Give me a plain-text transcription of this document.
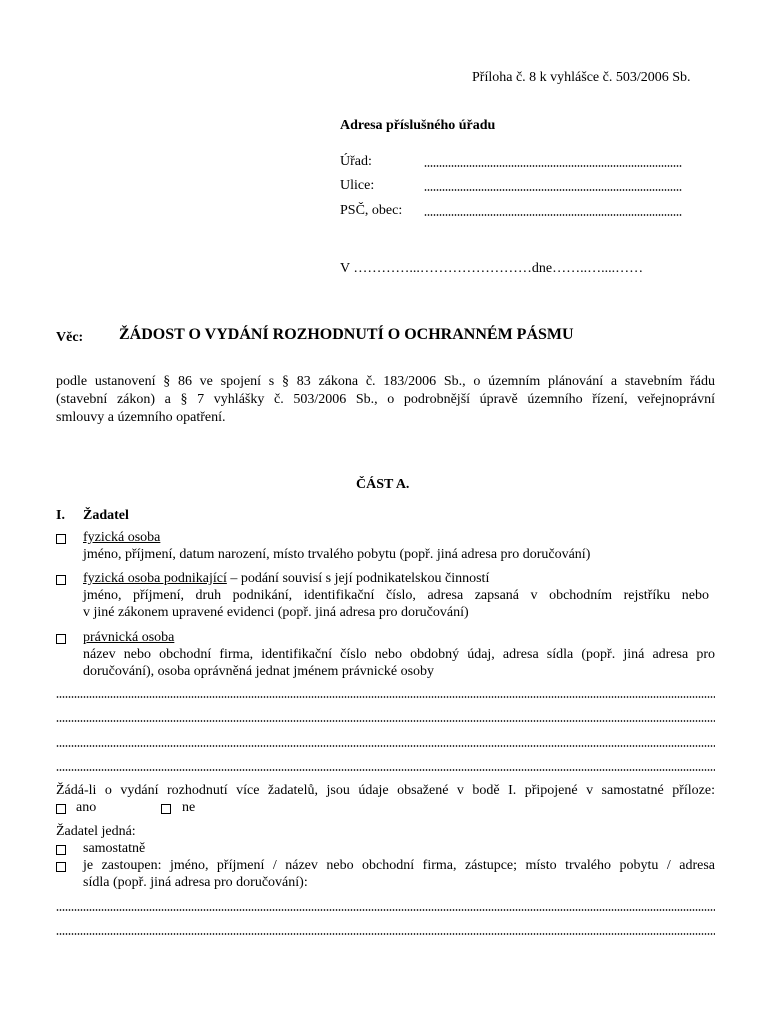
Příloha č. 8 k vyhlášce č. 503/2006 Sb.
Adresa příslušného úřadu
Úřad:
Ulice:
PSČ, obec:
V …………...……………………dne……..…....……
Věc: ŽÁDOST O VYDÁNÍ ROZHODNUTÍ O OCHRANNÉM PÁSMU
podle ustanovení § 86 ve spojení s § 83 zákona č. 183/2006 Sb., o územním plánování a stavebním řádu
(stavební zákon) a § 7 vyhlášky č. 503/2006 Sb., o podrobnější úpravě územního řízení, veřejnoprávní
smlouvy a územního opatření.
ČÁST A.
I. Žadatel
fyzická osoba
jméno, příjmení, datum narození, místo trvalého pobytu (popř. jiná adresa pro doručování)
fyzická osoba podnikající – podání souvisí s její podnikatelskou činností
jméno, příjmení, druh podnikání, identifikační číslo, adresa zapsaná v obchodním rejstříku nebo
v jiné zákonem upravené evidenci (popř. jiná adresa pro doručování)
právnická osoba
název nebo obchodní firma, identifikační číslo nebo obdobný údaj, adresa sídla (popř. jiná adresa pro
doručování), osoba oprávněná jednat jménem právnické osoby
Žádá-li o vydání rozhodnutí více žadatelů, jsou údaje obsažené v bodě I. připojené v samostatné příloze:
ano	ne
Žadatel jedná:
samostatně
je zastoupen: jméno, příjmení / název nebo obchodní firma, zástupce; místo trvalého pobytu / adresa
sídla (popř. jiná adresa pro doručování):
